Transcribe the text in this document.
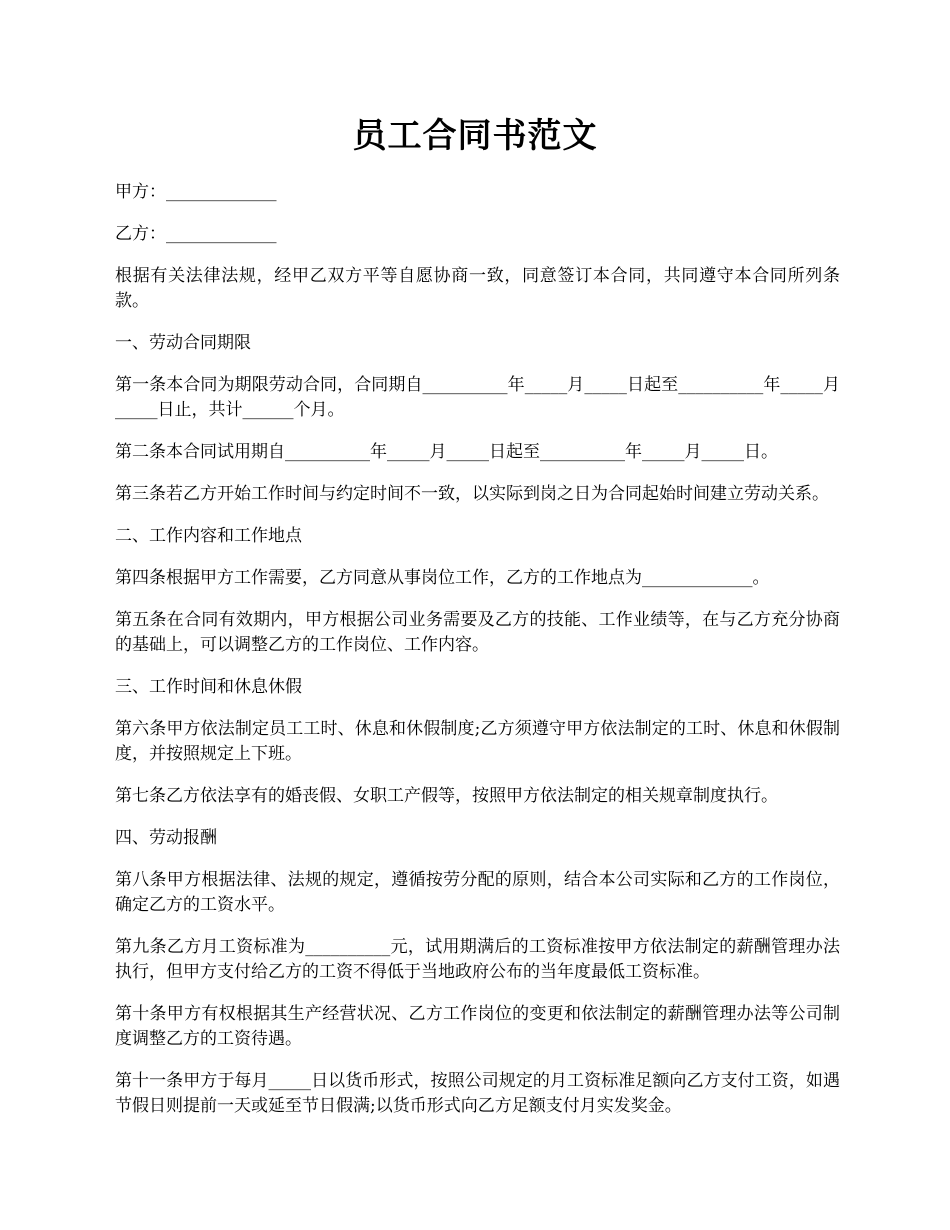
员工合同书范文

甲方：_____________

乙方：_____________

根据有关法律法规，经甲乙双方平等自愿协商一致，同意签订本合同，共同遵守本合同所列条款。

一、劳动合同期限

第一条本合同为期限劳动合同，合同期自__________年_____月_____日起至__________年_____月_____日止，共计______个月。

第二条本合同试用期自__________年_____月_____日起至__________年_____月_____日。

第三条若乙方开始工作时间与约定时间不一致，以实际到岗之日为合同起始时间建立劳动关系。

二、工作内容和工作地点

第四条根据甲方工作需要，乙方同意从事岗位工作，乙方的工作地点为_____________。

第五条在合同有效期内，甲方根据公司业务需要及乙方的技能、工作业绩等，在与乙方充分协商的基础上，可以调整乙方的工作岗位、工作内容。

三、工作时间和休息休假

第六条甲方依法制定员工工时、休息和休假制度;乙方须遵守甲方依法制定的工时、休息和休假制度，并按照规定上下班。

第七条乙方依法享有的婚丧假、女职工产假等，按照甲方依法制定的相关规章制度执行。

四、劳动报酬

第八条甲方根据法律、法规的规定，遵循按劳分配的原则，结合本公司实际和乙方的工作岗位，确定乙方的工资水平。

第九条乙方月工资标准为__________元，试用期满后的工资标准按甲方依法制定的薪酬管理办法执行，但甲方支付给乙方的工资不得低于当地政府公布的当年度最低工资标准。

第十条甲方有权根据其生产经营状况、乙方工作岗位的变更和依法制定的薪酬管理办法等公司制度调整乙方的工资待遇。

第十一条甲方于每月_____日以货币形式，按照公司规定的月工资标准足额向乙方支付工资，如遇节假日则提前一天或延至节日假满;以货币形式向乙方足额支付月实发奖金。
